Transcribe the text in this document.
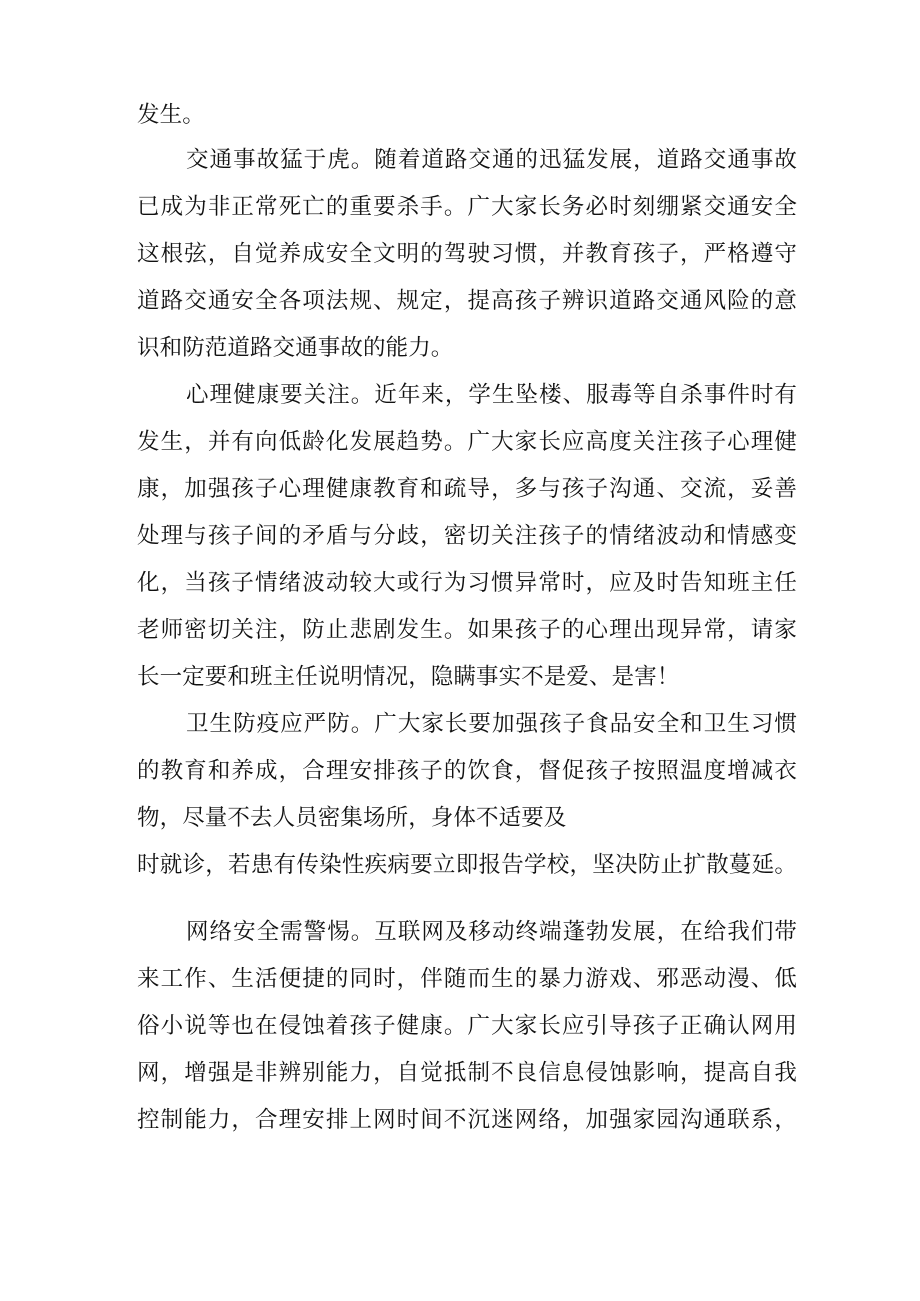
发生。
交通事故猛于虎。随着道路交通的迅猛发展，道路交通事故
已成为非正常死亡的重要杀手。广大家长务必时刻绷紧交通安全
这根弦，自觉养成安全文明的驾驶习惯，并教育孩子，严格遵守
道路交通安全各项法规、规定，提高孩子辨识道路交通风险的意
识和防范道路交通事故的能力。
心理健康要关注。近年来，学生坠楼、服毒等自杀事件时有
发生，并有向低龄化发展趋势。广大家长应高度关注孩子心理健
康，加强孩子心理健康教育和疏导，多与孩子沟通、交流，妥善
处理与孩子间的矛盾与分歧，密切关注孩子的情绪波动和情感变
化，当孩子情绪波动较大或行为习惯异常时，应及时告知班主任
老师密切关注，防止悲剧发生。如果孩子的心理出现异常，请家
长一定要和班主任说明情况，隐瞒事实不是爱、是害！
卫生防疫应严防。广大家长要加强孩子食品安全和卫生习惯
的教育和养成，合理安排孩子的饮食，督促孩子按照温度增减衣
物，尽量不去人员密集场所，身体不适要及
时就诊，若患有传染性疾病要立即报告学校，坚决防止扩散蔓延。
网络安全需警惕。互联网及移动终端蓬勃发展，在给我们带
来工作、生活便捷的同时，伴随而生的暴力游戏、邪恶动漫、低
俗小说等也在侵蚀着孩子健康。广大家长应引导孩子正确认网用
网，增强是非辨别能力，自觉抵制不良信息侵蚀影响，提高自我
控制能力，合理安排上网时间不沉迷网络，加强家园沟通联系，
